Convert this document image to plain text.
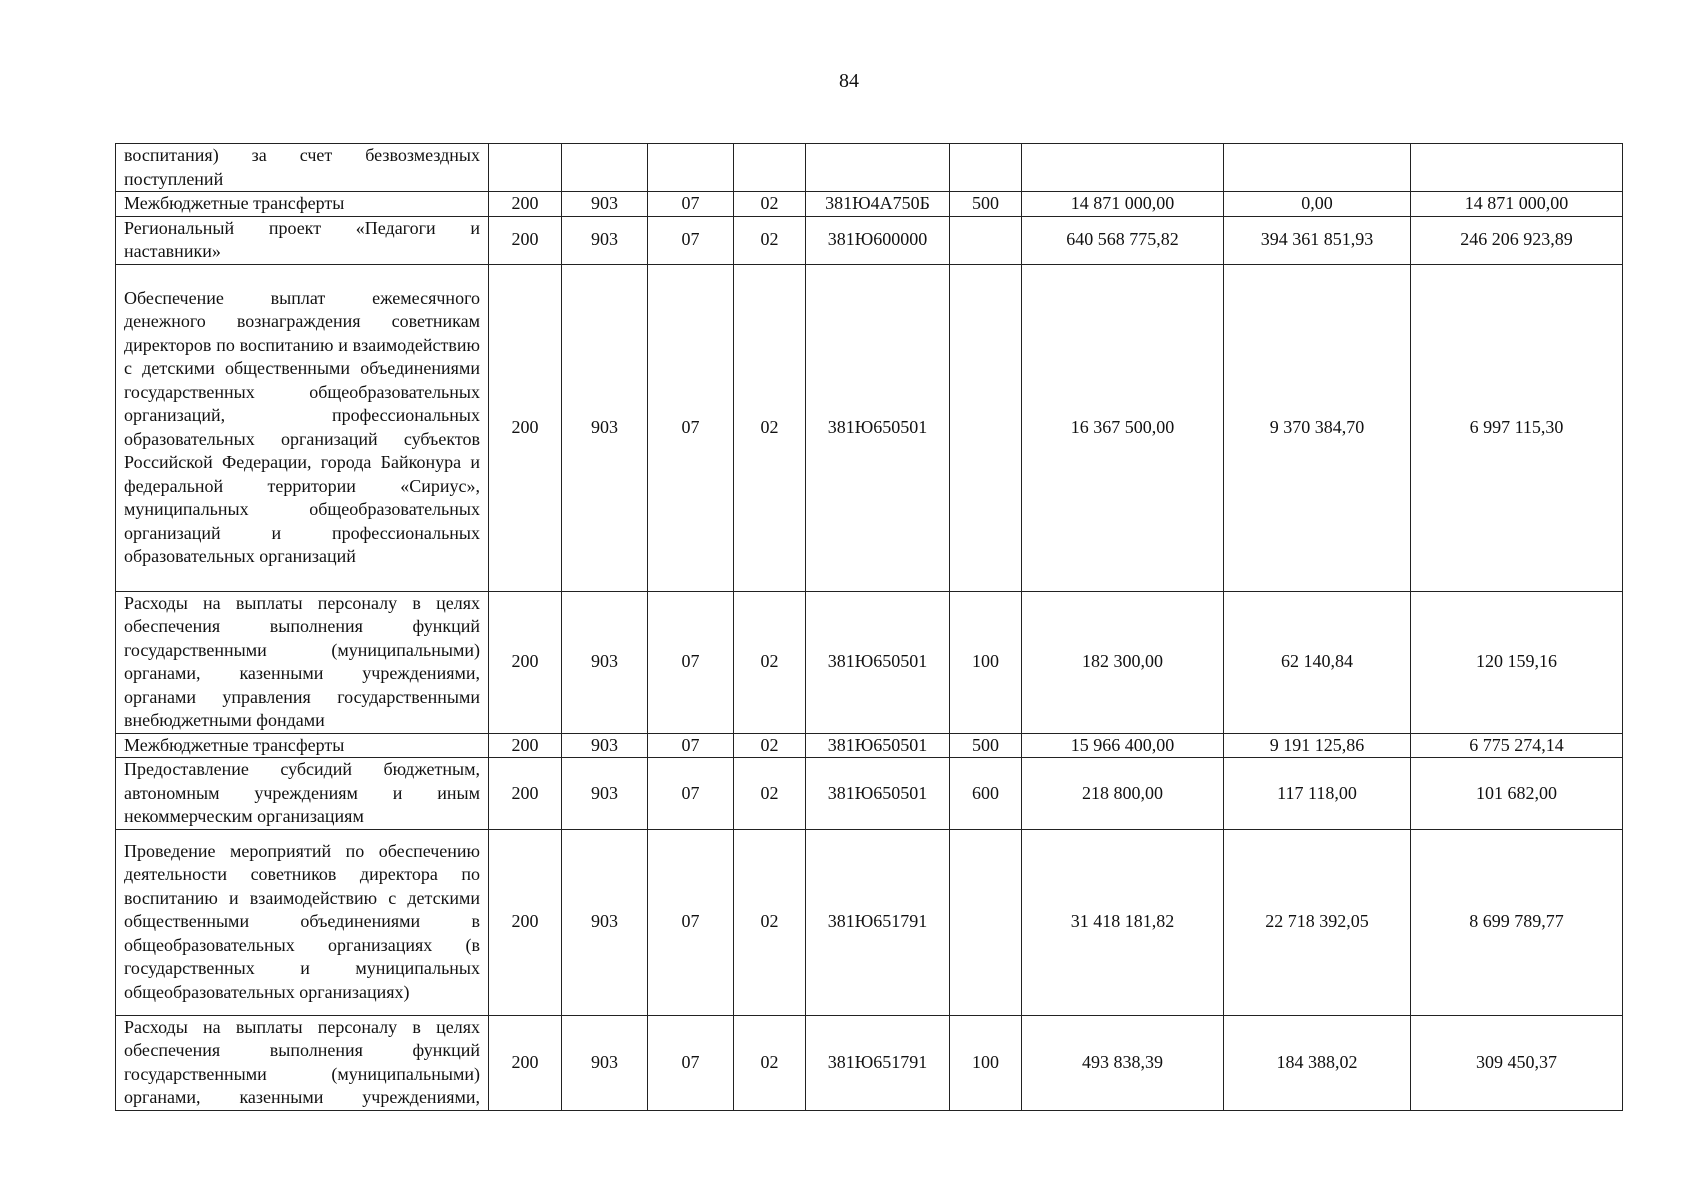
84
воспитания) за счет безвозмездных поступлений									
Межбюджетные трансферты	200	903	07	02	381Ю4А750Б	500	14 871 000,00	0,00	14 871 000,00
Региональный проект «Педагоги и наставники»	200	903	07	02	381Ю600000		640 568 775,82	394 361 851,93	246 206 923,89
Обеспечение выплат ежемесячного денежного вознаграждения советникам директоров по воспитанию и взаимодействию с детскими общественными объединениями государственных общеобразовательных организаций, профессиональных образовательных организаций субъектов Российской Федерации, города Байконура и федеральной территории «Сириус», муниципальных общеобразовательных организаций и профессиональных образовательных организаций	200	903	07	02	381Ю650501		16 367 500,00	9 370 384,70	6 997 115,30
Расходы на выплаты персоналу в целях обеспечения выполнения функций государственными (муниципальными) органами, казенными учреждениями, органами управления государственными внебюджетными фондами	200	903	07	02	381Ю650501	100	182 300,00	62 140,84	120 159,16
Межбюджетные трансферты	200	903	07	02	381Ю650501	500	15 966 400,00	9 191 125,86	6 775 274,14
Предоставление субсидий бюджетным, автономным учреждениям и иным некоммерческим организациям	200	903	07	02	381Ю650501	600	218 800,00	117 118,00	101 682,00
Проведение мероприятий по обеспечению деятельности советников директора по воспитанию и взаимодействию с детскими общественными объединениями в общеобразовательных организациях (в государственных и муниципальных общеобразовательных организациях)	200	903	07	02	381Ю651791		31 418 181,82	22 718 392,05	8 699 789,77
Расходы на выплаты персоналу в целях обеспечения выполнения функций государственными (муниципальными) органами, казенными учреждениями,	200	903	07	02	381Ю651791	100	493 838,39	184 388,02	309 450,37
